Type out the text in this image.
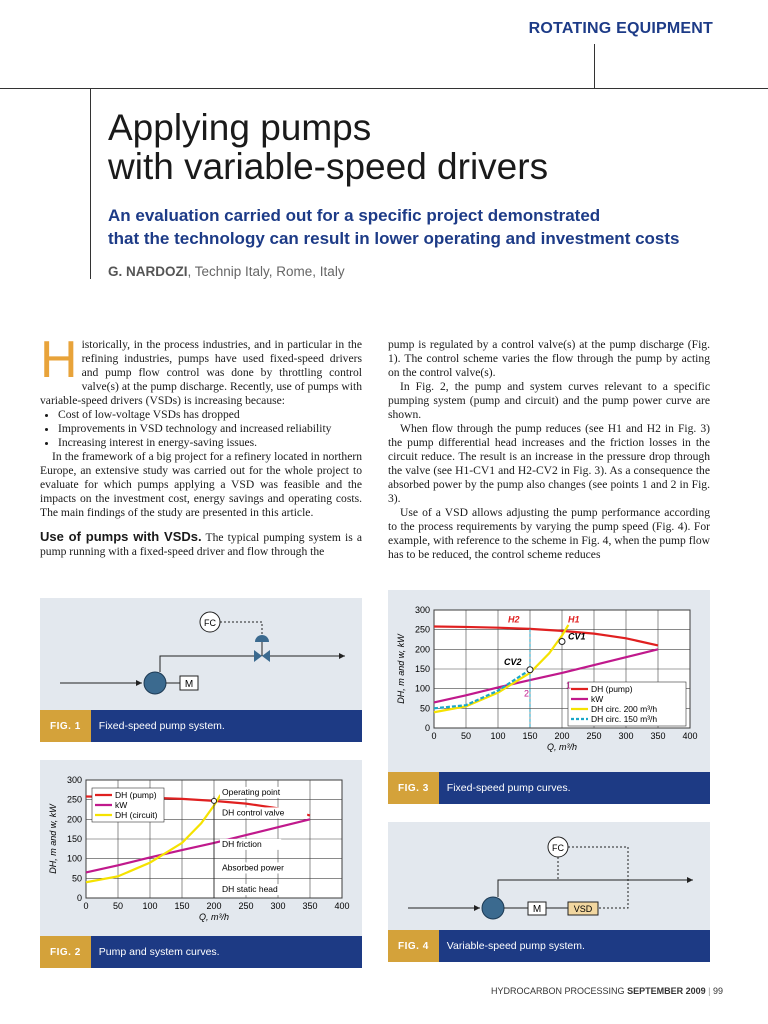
ROTATING EQUIPMENT
Applying pumps
with variable-speed drivers
An evaluation carried out for a specific project demonstrated
that the technology can result in lower operating and investment costs
G. NARDOZI, Technip Italy, Rome, Italy

Historically, in the process industries, and in particular in the refining industries, pumps have used fixed-speed drivers and pump flow control was done by throttling control valve(s) at the pump discharge. Recently, use of pumps with variable-speed drivers (VSDs) is increasing because:

• Cost of low-voltage VSDs has dropped
• Improvements in VSD technology and increased reliability
• Increasing interest in energy-saving issues.

In the framework of a big project for a refinery located in northern Europe, an extensive study was carried out for the whole project to evaluate for which pumps applying a VSD was feasible and the impacts on the investment cost, energy savings and operating costs. The main findings of the study are presented in this article.

Use of pumps with VSDs. The typical pumping system is a pump running with a fixed-speed driver and flow through the

pump is regulated by a control valve(s) at the pump discharge (Fig. 1). The control scheme varies the flow through the pump by acting on the control valve(s).

In Fig. 2, the pump and system curves relevant to a specific pumping system (pump and circuit) and the pump power curve are shown.

When flow through the pump reduces (see H1 and H2 in Fig. 3) the pump differential head increases and the friction losses in the circuit reduce. The result is an increase in the pressure drop through the valve (see H1-CV1 and H2-CV2 in Fig. 3). As a consequence the absorbed power by the pump also changes (see points 1 and 2 in Fig. 3).

Use of a VSD allows adjusting the pump performance according to the process requirements by varying the pump speed (Fig. 4). For example, with reference to the scheme in Fig. 4, when the pump flow has to be reduced, the control scheme reduces

M
FC
FIG. 1	Fixed-speed pump system.
0	50 100 150 200 250 300 350 400
0
50
100
150
200
250
300
Q, m³/h
DH, m and w, kW
DH (pump)
kW
DH (circuit)
Operating point
DH control valve
DH friction
Absorbed power
DH static head
FIG. 2	Pump and system curves.
0	50 100 150 200 250 300 350 400
0
50
100
150
200
250
300
Q, m³/h
DH, m and w, kW	DH (pump)
kW
DH circ. 200 m³/h
DH circ. 150 m³/h
H2	H1
CV1
CV2
1
2
FIG. 3	Fixed-speed pump curves.
M	VSD
FC
FIG. 4	Variable-speed pump system.
HYDROCARBON PROCESSING SEPTEMBER 2009 | 99
